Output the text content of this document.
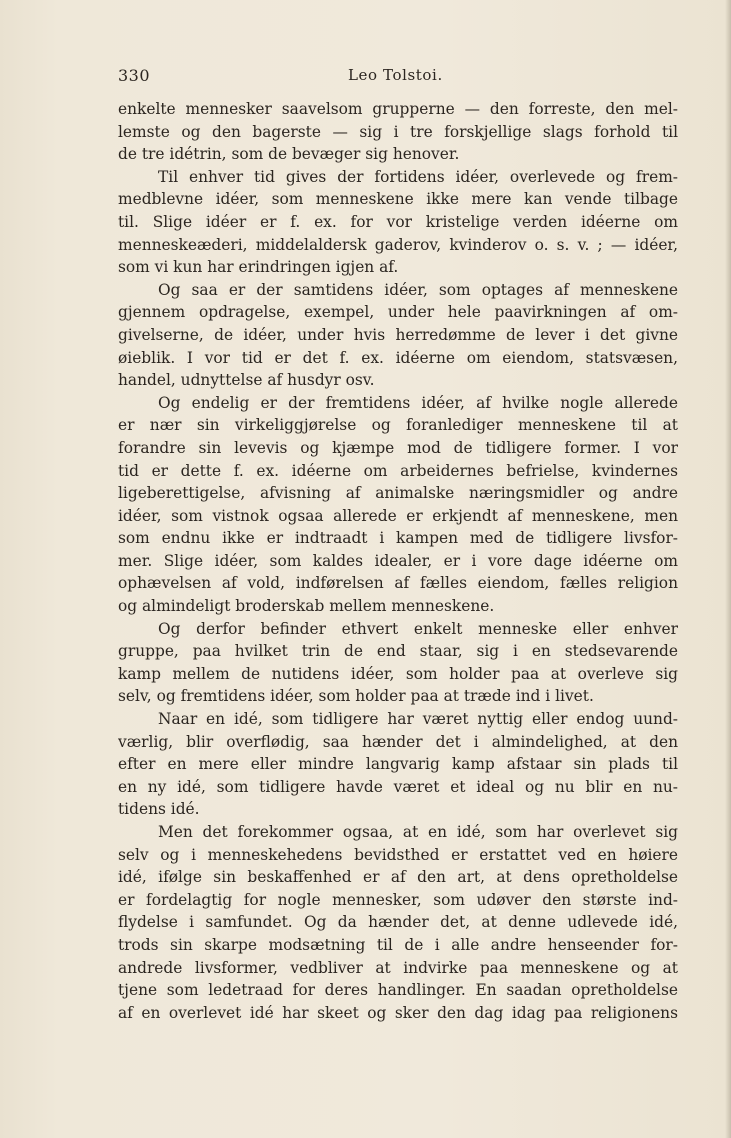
330	Leo Tolstoi.
enkelte mennesker saavelsom grupperne — den forreste, den mel-
lemste og den bagerste — sig i tre forskjellige slags forhold til
de tre idétrin, som de bevæger sig henover.
Til enhver tid gives der fortidens idéer, overlevede og frem-
medblevne idéer, som menneskene ikke mere kan vende tilbage
til. Slige idéer er f. ex. for vor kristelige verden idéerne om
menneskeæderi, middelaldersk gaderov, kvinderov o. s. v. ; — idéer,
som vi kun har erindringen igjen af.
Og saa er der samtidens idéer, som optages af menneskene
gjennem opdragelse, exempel, under hele paavirkningen af om-
givelserne, de idéer, under hvis herredømme de lever i det givne
øieblik. I vor tid er det f. ex. idéerne om eiendom, statsvæsen,
handel, udnyttelse af husdyr osv.
Og endelig er der fremtidens idéer, af hvilke nogle allerede
er nær sin virkeliggjørelse og foranlediger menneskene til at
forandre sin levevis og kjæmpe mod de tidligere former. I vor
tid er dette f. ex. idéerne om arbeidernes befrielse, kvindernes
ligeberettigelse, afvisning af animalske næringsmidler og andre
idéer, som vistnok ogsaa allerede er erkjendt af menneskene, men
som endnu ikke er indtraadt i kampen med de tidligere livsfor-
mer. Slige idéer, som kaldes idealer, er i vore dage idéerne om
ophævelsen af vold, indførelsen af fælles eiendom, fælles religion
og almindeligt broderskab mellem menneskene.
Og derfor befinder ethvert enkelt menneske eller enhver
gruppe, paa hvilket trin de end staar, sig i en stedsevarende
kamp mellem de nutidens idéer, som holder paa at overleve sig
selv, og fremtidens idéer, som holder paa at træde ind i livet.
Naar en idé, som tidligere har været nyttig eller endog uund-
værlig, blir overflødig, saa hænder det i almindelighed, at den
efter en mere eller mindre langvarig kamp afstaar sin plads til
en ny idé, som tidligere havde været et ideal og nu blir en nu-
tidens idé.
Men det forekommer ogsaa, at en idé, som har overlevet sig
selv og i menneskehedens bevidsthed er erstattet ved en høiere
idé, ifølge sin beskaffenhed er af den art, at dens opretholdelse
er fordelagtig for nogle mennesker, som udøver den største ind-
flydelse i samfundet. Og da hænder det, at denne udlevede idé,
trods sin skarpe modsætning til de i alle andre henseender for-
andrede livsformer, vedbliver at indvirke paa menneskene og at
tjene som ledetraad for deres handlinger. En saadan opretholdelse
af en overlevet idé har skeet og sker den dag idag paa religionens
